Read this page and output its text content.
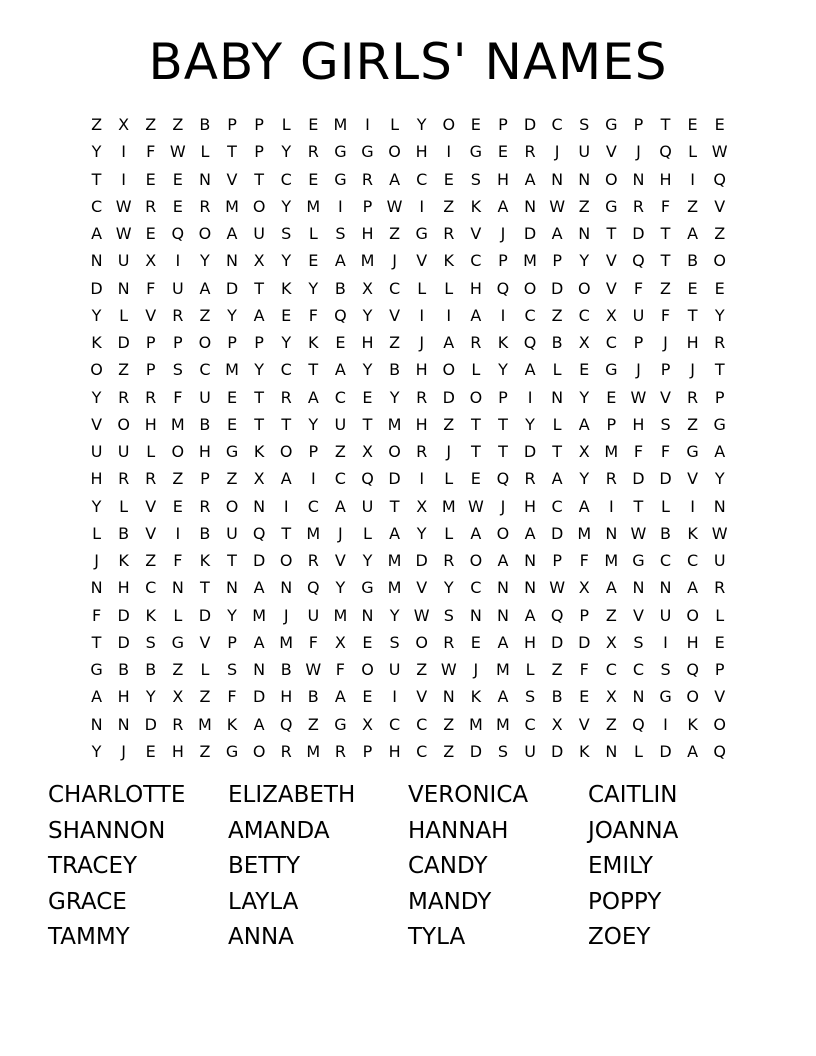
BABY GIRLS' NAMES
Z	X	Z	Z	B	P	P	L	E M	I	L	Y O E	P	D C	S G	P	T	E	E
Y	I	F W L	T	P	Y	R G G O H	I	G E	R	J	U V	J	Q	L W
T	I	E	E	N V	T	C	E G R	A	C	E	S	H A N N O N H	I	Q
C W R	E	R M O Y M	I	P W	I	Z	K	A N W Z G R	F	Z	V
A W E Q O A U	S	L	S	H Z G R	V	J	D A N	T	D	T	A	Z
N U X	I	Y	N X	Y	E	A M	J	V	K	C	P M P	Y	V Q T	B O
D N	F	U A D	T	K	Y	B	X	C	L	L	H Q O D O V	F	Z	E	E
Y	L	V	R	Z	Y	A	E	F	Q Y	V	I	I	A	I	C	Z	C	X U	F	T	Y
K D	P	P O P	P	Y	K	E	H Z	J	A	R	K Q B	X	C	P	J	H R
O Z	P	S	C M Y	C	T	A	Y	B H O	L	Y	A	L	E G	J	P	J	T
Y	R R	F	U	E	T	R	A	C	E	Y	R D O P	I	N	Y	E W V	R	P
V O H M B	E	T	T	Y	U	T M H Z	T	T	Y	L	A	P	H	S	Z G
U U	L	O H G K O P	Z	X O R	J	T	T	D	T	X M F	F	G A
H R R	Z	P	Z	X	A	I	C Q D	I	L	E Q R	A	Y	R D D V	Y
Y	L	V	E	R O N	I	C	A U	T	X M W	J	H C	A	I	T	L	I	N
L	B	V	I	B U Q T M	J	L	A	Y	L	A O A D M N W B	K W
J	K	Z	F	K	T	D O R	V	Y M D R O A N	P	F M G C C U
N H C N	T	N A N Q Y	G M V	Y	C N N W X	A N N A	R
F	D K	L	D	Y M	J	U M N	Y W S	N N A Q P	Z	V U O	L
T	D S G V	P	A M F	X	E	S O R	E	A H D D X	S	I	H	E
G B	B	Z	L	S	N B W F	O U Z W	J	M L	Z	F	C C	S Q P
A H	Y	X	Z	F	D H B	A	E	I	V N K	A	S	B	E	X N G O V
N N D R M K	A Q Z G X	C C	Z M M C	X	V	Z Q	I	K O
Y	J	E	H Z G O R M R	P	H C	Z D S	U D K N	L	D A Q
CHARLOTTE	ELIZABETH	VERONICA	CAITLIN
SHANNON	AMANDA	HANNAH	JOANNA
TRACEY	BETTY	CANDY	EMILY
GRACE	LAYLA	MANDY	POPPY
TAMMY	ANNA	TYLA	ZOEY
